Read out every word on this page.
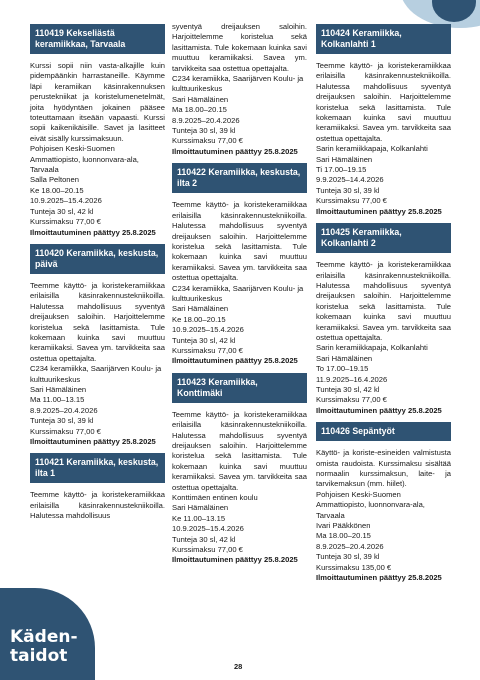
110419 Kekseliästä keramiikkaa, Tarvaala
Kurssi sopii niin vasta-alkajille kuin pidempäänkin harrastaneille. Käymme läpi keramiikan käsinrakennuksen perustekniikat ja koristelumenetelmät, joita hyödyntäen jokainen pääsee toteuttamaan itseään vapaasti. Kurssi sopii kaikenikäisille. Savet ja lasitteet eivät sisälly kurssimaksuun.
Pohjoisen Keski-Suomen Ammattiopisto, luonnonvara-ala, Tarvaala
Salla Peltonen
Ke 18.00–20.15
10.9.2025–15.4.2026
Tunteja 30 sl, 42 kl
Kurssimaksu 77,00 €
Ilmoittautuminen päättyy 25.8.2025
110420 Keramiikka, keskusta, päivä
Teemme käyttö- ja koristekeramiikkaa erilaisilla käsinrakennustekniikoilla. Halutessa mahdollisuus syventyä dreijauksen saloihin. Harjoittelemme koristelua sekä lasittamista. Tule kokemaan kuinka savi muuttuu keramiikaksi. Savea ym. tarvikkeita saa ostettua opettajalta.
C234 keramiikka, Saarijärven Koulu- ja kulttuurikeskus
Sari Hämäläinen
Ma 11.00–13.15
8.9.2025–20.4.2026
Tunteja 30 sl, 39 kl
Kurssimaksu 77,00 €
Ilmoittautuminen päättyy 25.8.2025
110421 Keramiikka, keskusta, ilta 1
Teemme käyttö- ja koristekeramiikkaa erilaisilla käsinrakennustekniikoilla. Halutessa mahdollisuus
syventyä dreijauksen saloihin. Harjoittelemme koristelua sekä lasittamista. Tule kokemaan kuinka savi muuttuu keramiikaksi. Savea ym. tarvikkeita saa ostettua opettajalta.
C234 keramiikka, Saarijärven Koulu- ja kulttuurikeskus
Sari Hämäläinen
Ma 18.00–20.15
8.9.2025–20.4.2026
Tunteja 30 sl, 39 kl
Kurssimaksu 77,00 €
Ilmoittautuminen päättyy 25.8.2025
110422 Keramiikka, keskusta, ilta 2
Teemme käyttö- ja koristekeramiikkaa erilaisilla käsinrakennustekniikoilla. Halutessa mahdollisuus syventyä dreijauksen saloihin. Harjoittelemme koristelua sekä lasittamista. Tule kokemaan kuinka savi muuttuu keramiikaksi. Savea ym. tarvikkeita saa ostettua opettajalta.
C234 keramiikka, Saarijärven Koulu- ja kulttuurikeskus
Sari Hämäläinen
Ke 18.00–20.15
10.9.2025–15.4.2026
Tunteja 30 sl, 42 kl
Kurssimaksu 77,00 €
Ilmoittautuminen päättyy 25.8.2025
110423 Keramiikka, Konttimäki
Teemme käyttö- ja koristekeramiikkaa erilaisilla käsinrakennustekniikoilla. Halutessa mahdollisuus syventyä dreijauksen saloihin. Harjoittelemme koristelua sekä lasittamista. Tule kokemaan kuinka savi muuttuu keramiikaksi. Savea ym. tarvikkeita saa ostettua opettajalta.
Konttimäen entinen koulu
Sari Hämäläinen
Ke 11.00–13.15
10.9.2025–15.4.2026
Tunteja 30 sl, 42 kl
Kurssimaksu 77,00 €
Ilmoittautuminen päättyy 25.8.2025
110424 Keramiikka, Kolkanlahti 1
Teemme käyttö- ja koristekeramiikkaa erilaisilla käsinrakennustekniikoilla. Halutessa mahdollisuus syventyä dreijauksen saloihin. Harjoittelemme koristelua sekä lasittamista. Tule kokemaan kuinka savi muuttuu keramiikaksi. Savea ym. tarvikkeita saa ostettua opettajalta.
Sarin keramiikkapaja, Kolkanlahti
Sari Hämäläinen
Ti 17.00–19.15
9.9.2025–14.4.2026
Tunteja 30 sl, 39 kl
Kurssimaksu 77,00 €
Ilmoittautuminen päättyy 25.8.2025
110425 Keramiikka, Kolkanlahti 2
Teemme käyttö- ja koristekeramiikkaa erilaisilla käsinrakennustekniikoilla. Halutessa mahdollisuus syventyä dreijauksen saloihin. Harjoittelemme koristelua sekä lasittamista. Tule kokemaan kuinka savi muuttuu keramiikaksi. Savea ym. tarvikkeita saa ostettua opettajalta.
Sarin keramiikkapaja, Kolkanlahti
Sari Hämäläinen
To 17.00–19.15
11.9.2025–16.4.2026
Tunteja 30 sl, 42 kl
Kurssimaksu 77,00 €
Ilmoittautuminen päättyy 25.8.2025
110426 Sepäntyöt
Käyttö- ja koriste-esineiden valmistusta omista raudoista. Kurssimaksu sisältää normaalin kurssimaksun, laite- ja tarvikemaksun (mm. hiilet).
Pohjoisen Keski-Suomen Ammattiopisto, luonnonvara-ala, Tarvaala
Ivari Pääkkönen
Ma 18.00–20.15
8.9.2025–20.4.2026
Tunteja 30 sl, 39 kl
Kurssimaksu 135,00 €
Ilmoittautuminen päättyy 25.8.2025
Käden-taidot
28
